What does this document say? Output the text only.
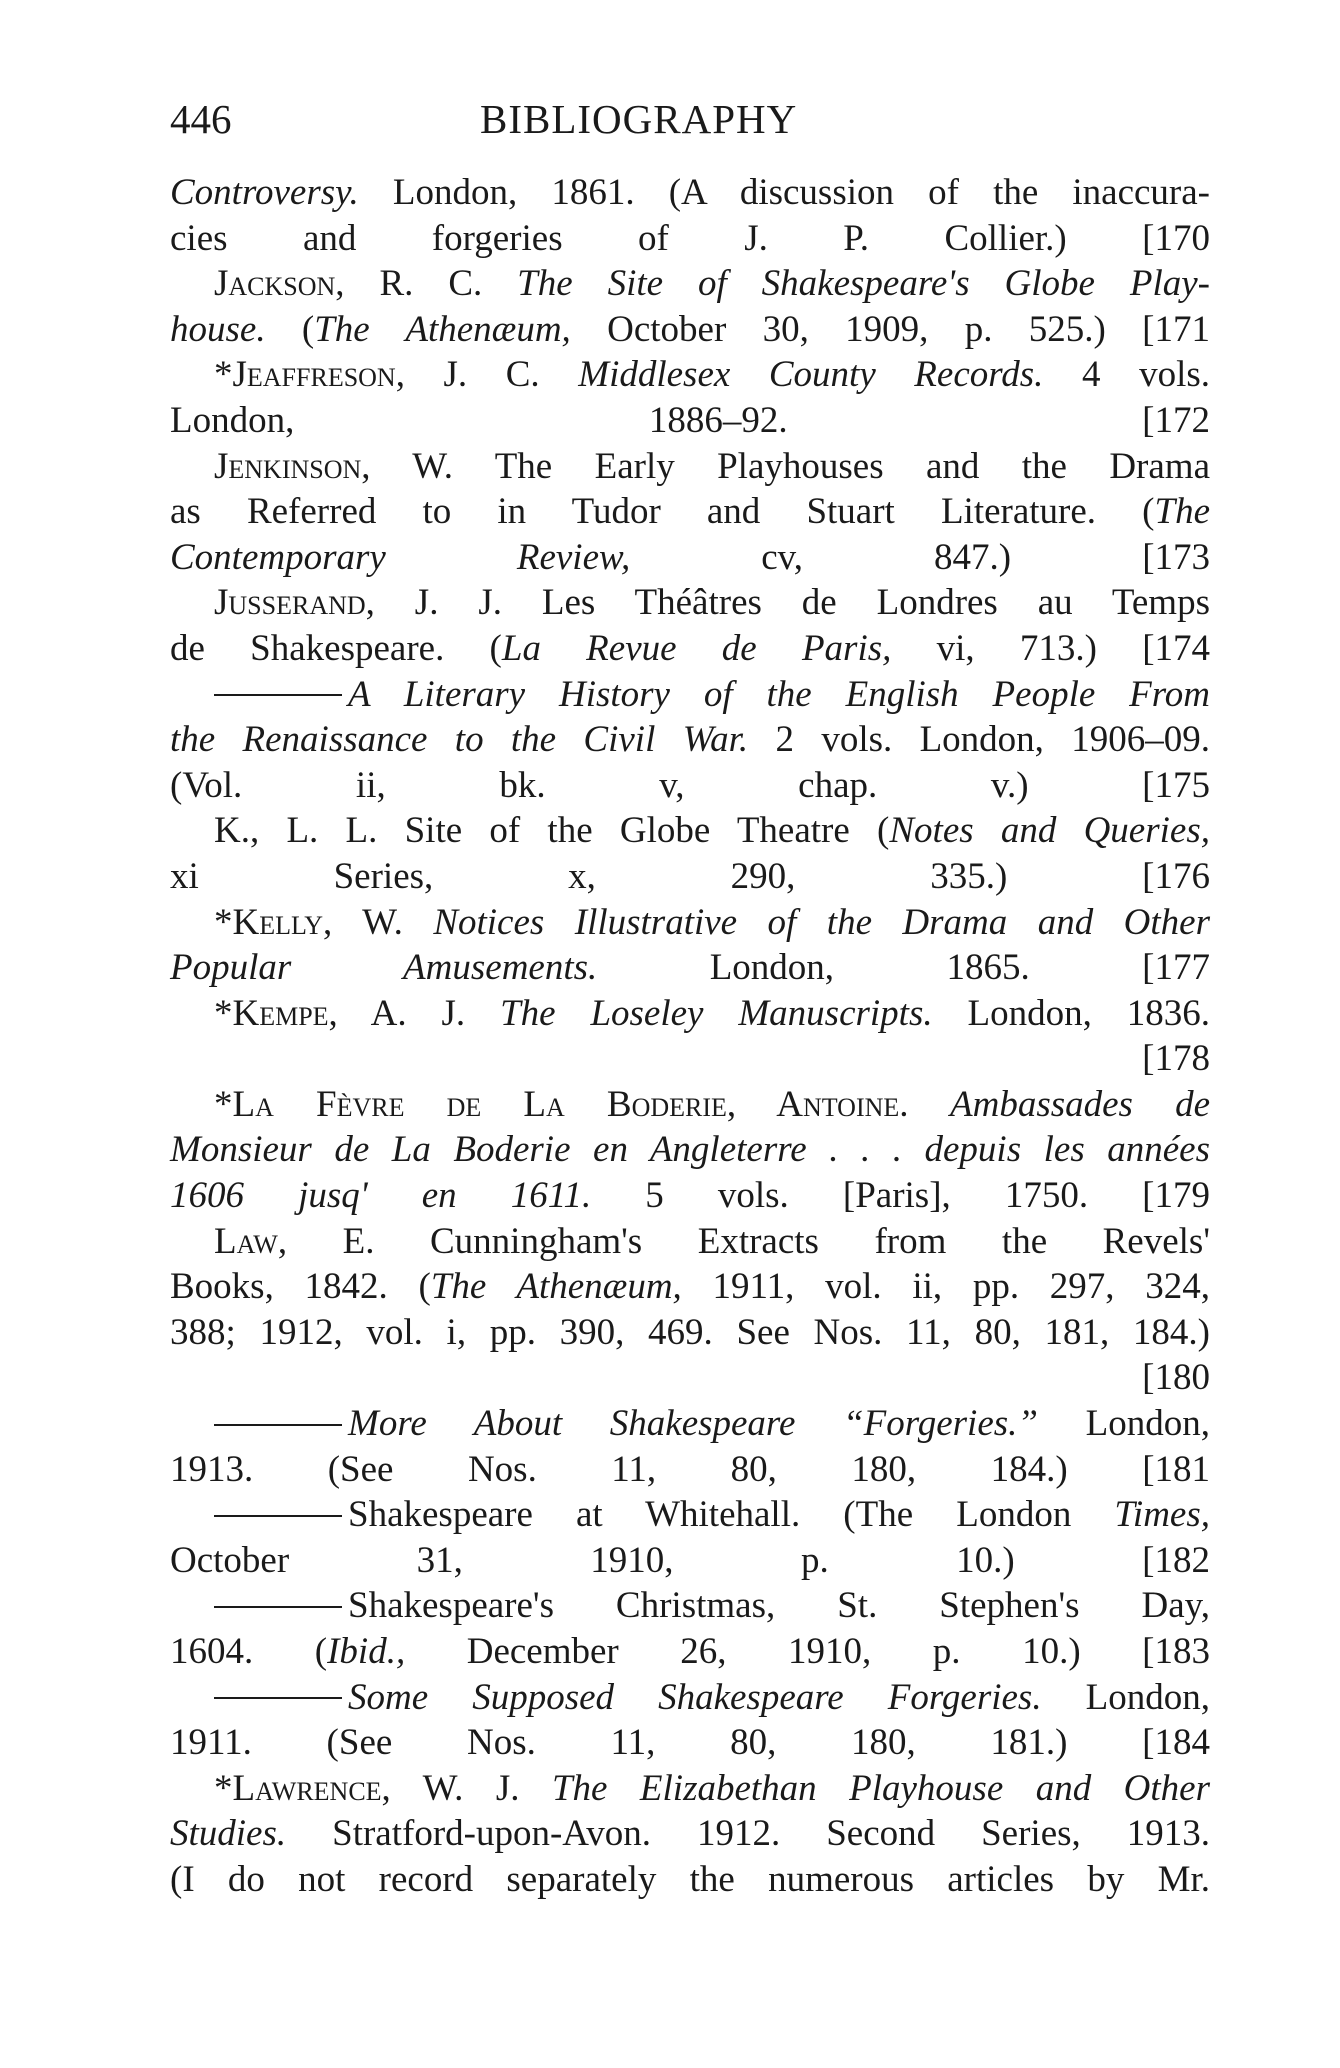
446	BIBLIOGRAPHY
Controversy. London, 1861. (A discussion of the inaccura-
cies and forgeries of J. P. Collier.) [170
Jackson, R. C. The Site of Shakespeare's Globe Play-
house. (The Athenæum, October 30, 1909, p. 525.) [171
*Jeaffreson, J. C. Middlesex County Records. 4 vols.
London, 1886–92.	[172
Jenkinson, W. The Early Playhouses and the Drama
as Referred to in Tudor and Stuart Literature. (The
Contemporary Review, cv, 847.)	[173
Jusserand, J. J. Les Théâtres de Londres au Temps
de Shakespeare. (La Revue de Paris, vi, 713.) [174
A Literary History of the English People From
the Renaissance to the Civil War. 2 vols. London, 1906–09.
(Vol. ii, bk. v, chap. v.)	[175
K., L. L. Site of the Globe Theatre (Notes and Queries,
xi Series, x, 290, 335.)	[176
*Kelly, W. Notices Illustrative of the Drama and Other
Popular Amusements. London, 1865.	[177
*Kempe, A. J. The Loseley Manuscripts. London, 1836.
[178
*La Fèvre de La Boderie, Antoine. Ambassades de
Monsieur de La Boderie en Angleterre . . . depuis les années
1606 jusq' en 1611. 5 vols. [Paris], 1750. [179
Law, E. Cunningham's Extracts from the Revels'
Books, 1842. (The Athenæum, 1911, vol. ii, pp. 297, 324,
388; 1912, vol. i, pp. 390, 469. See Nos. 11, 80, 181, 184.)
[180
More About Shakespeare “Forgeries.” London,
1913. (See Nos. 11, 80, 180, 184.) [181
Shakespeare at Whitehall. (The London Times,
October 31, 1910, p. 10.)	[182
Shakespeare's Christmas, St. Stephen's Day,
1604. (Ibid., December 26, 1910, p. 10.) [183
Some Supposed Shakespeare Forgeries. London,
1911. (See Nos. 11, 80, 180, 181.) [184
*Lawrence, W. J. The Elizabethan Playhouse and Other
Studies. Stratford-upon-Avon. 1912. Second Series, 1913.
(I do not record separately the numerous articles by Mr.
